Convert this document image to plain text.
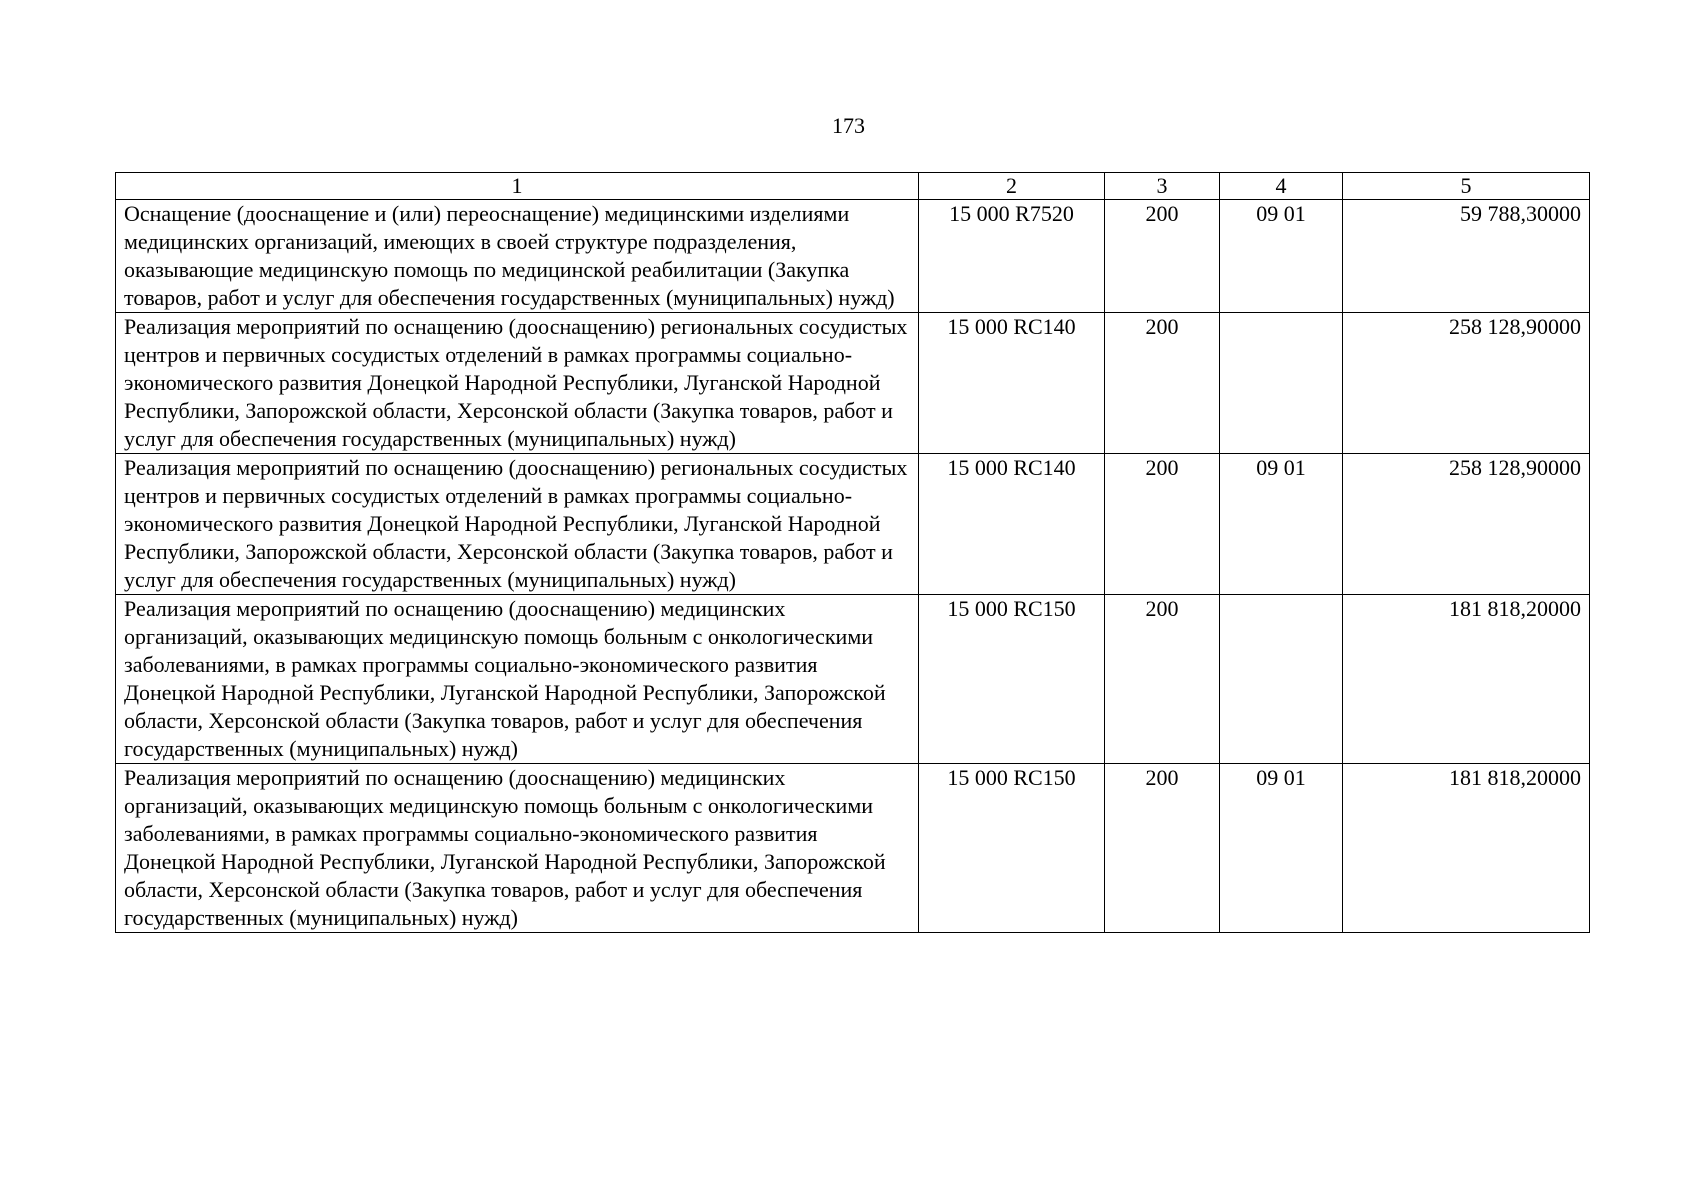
173
1	2	3	4	5
Оснащение (дооснащение и (или) переоснащение) медицинскими изделиями медицинских организаций, имеющих в своей структуре подразделения, оказывающие медицинскую помощь по медицинской реабилитации (Закупка товаров, работ и услуг для обеспечения государственных (муниципальных) нужд)	15 000 R7520	200	09 01	59 788,30000
Реализация мероприятий по оснащению (дооснащению) региональных сосудистых центров и первичных сосудистых отделений в рамках программы социально-экономического развития Донецкой Народной Республики, Луганской Народной Республики, Запорожской области, Херсонской области (Закупка товаров, работ и услуг для обеспечения государственных (муниципальных) нужд)	15 000 RC140	200		258 128,90000
Реализация мероприятий по оснащению (дооснащению) региональных сосудистых центров и первичных сосудистых отделений в рамках программы социально-экономического развития Донецкой Народной Республики, Луганской Народной Республики, Запорожской области, Херсонской области (Закупка товаров, работ и услуг для обеспечения государственных (муниципальных) нужд)	15 000 RC140	200	09 01	258 128,90000
Реализация мероприятий по оснащению (дооснащению) медицинских организаций, оказывающих медицинскую помощь больным с онкологическими заболеваниями, в рамках программы социально-экономического развития Донецкой Народной Республики, Луганской Народной Республики, Запорожской области, Херсонской области (Закупка товаров, работ и услуг для обеспечения государственных (муниципальных) нужд)	15 000 RC150	200		181 818,20000
Реализация мероприятий по оснащению (дооснащению) медицинских организаций, оказывающих медицинскую помощь больным с онкологическими заболеваниями, в рамках программы социально-экономического развития Донецкой Народной Республики, Луганской Народной Республики, Запорожской области, Херсонской области (Закупка товаров, работ и услуг для обеспечения государственных (муниципальных) нужд)	15 000 RC150	200	09 01	181 818,20000
